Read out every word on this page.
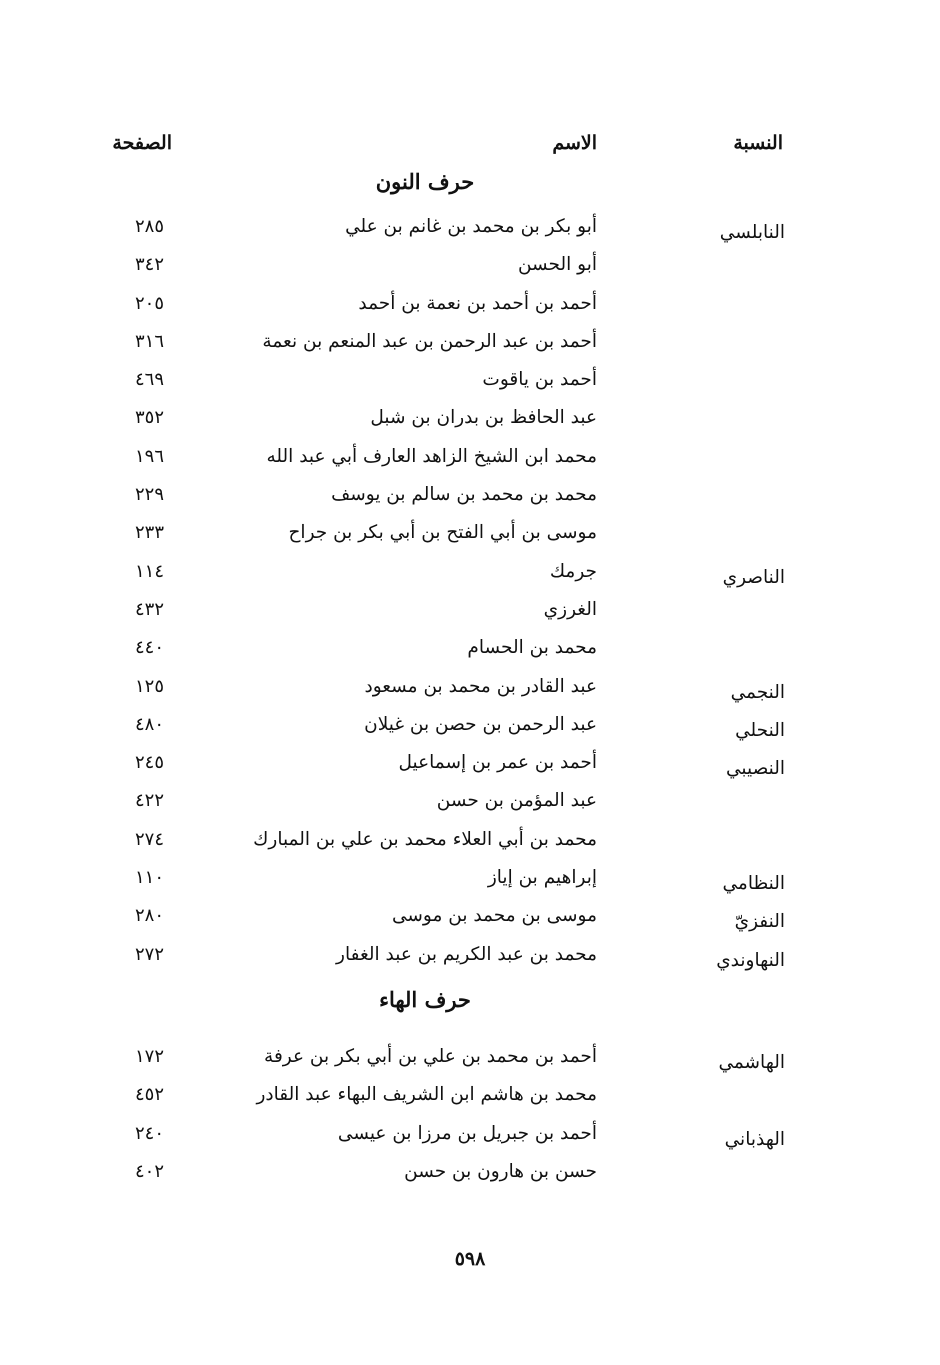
النسبة
الاسم
الصفحة
حرف النون
النابلسي
أبو بكر بن محمد بن غانم بن علي
٢٨٥
أبو الحسن
٣٤٢
أحمد بن أحمد بن نعمة بن أحمد
٢٠٥
أحمد بن عبد الرحمن بن عبد المنعم بن نعمة
٣١٦
أحمد بن ياقوت
٤٦٩
عبد الحافظ بن بدران بن شبل
٣٥٢
محمد ابن الشيخ الزاهد العارف أبي عبد الله
١٩٦
محمد بن محمد بن سالم بن يوسف
٢٢٩
موسى بن أبي الفتح بن أبي بكر بن جراح
٢٣٣
الناصري
جرمك
١١٤
الغرزي
٤٣٢
محمد بن الحسام
٤٤٠
النجمي
عبد القادر بن محمد بن مسعود
١٢٥
النحلي
عبد الرحمن بن حصن بن غيلان
٤٨٠
النصيبي
أحمد بن عمر بن إسماعيل
٢٤٥
عبد المؤمن بن حسن
٤٢٢
محمد بن أبي العلاء محمد بن علي بن المبارك
٢٧٤
النظامي
إبراهيم بن إياز
١١٠
النفزيّ
موسى بن محمد بن موسى
٢٨٠
النهاوندي
محمد بن عبد الكريم بن عبد الغفار
٢٧٢
حرف الهاء
الهاشمي
أحمد بن محمد بن علي بن أبي بكر بن عرفة
١٧٢
محمد بن هاشم ابن الشريف البهاء عبد القادر
٤٥٢
الهذباني
أحمد بن جبريل بن مرزا بن عيسى
٢٤٠
حسن بن هارون بن حسن
٤٠٢
٥٩٨
